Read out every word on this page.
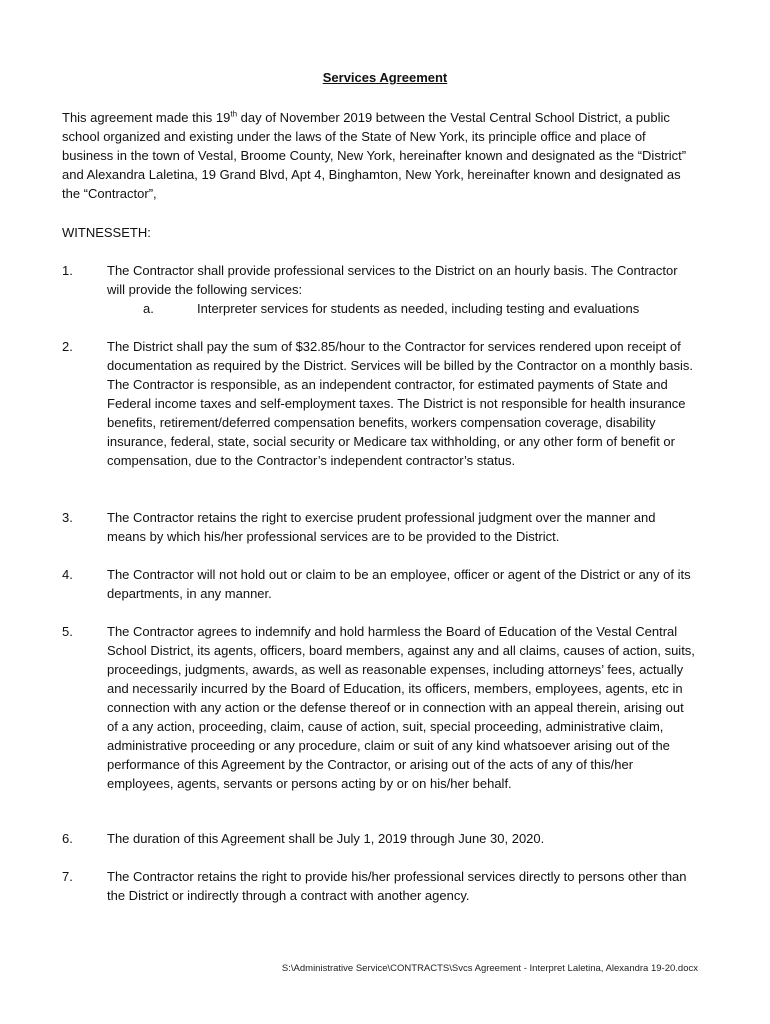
Services Agreement
This agreement made this 19th day of November 2019 between the Vestal Central School District, a public school organized and existing under the laws of the State of New York, its principle office and place of business in the town of Vestal, Broome County, New York, hereinafter known and designated as the “District” and Alexandra Laletina, 19 Grand Blvd, Apt 4, Binghamton, New York, hereinafter known and designated as the “Contractor”,
WITNESSETH:
1.	The Contractor shall provide professional services to the District on an hourly basis. The Contractor will provide the following services:
a.	Interpreter services for students as needed, including testing and evaluations
2.	The District shall pay the sum of $32.85/hour to the Contractor for services rendered upon receipt of documentation as required by the District. Services will be billed by the Contractor on a monthly basis. The Contractor is responsible, as an independent contractor, for estimated payments of State and Federal income taxes and self-employment taxes. The District is not responsible for health insurance benefits, retirement/deferred compensation benefits, workers compensation coverage, disability insurance, federal, state, social security or Medicare tax withholding, or any other form of benefit or compensation, due to the Contractor’s independent contractor’s status.
3.	The Contractor retains the right to exercise prudent professional judgment over the manner and means by which his/her professional services are to be provided to the District.
4.	The Contractor will not hold out or claim to be an employee, officer or agent of the District or any of its departments, in any manner.
5.	The Contractor agrees to indemnify and hold harmless the Board of Education of the Vestal Central School District, its agents, officers, board members, against any and all claims, causes of action, suits, proceedings, judgments, awards, as well as reasonable expenses, including attorneys’ fees, actually and necessarily incurred by the Board of Education, its officers, members, employees, agents, etc in connection with any action or the defense thereof or in connection with an appeal therein, arising out of a any action, proceeding, claim, cause of action, suit, special proceeding, administrative claim, administrative proceeding or any procedure, claim or suit of any kind whatsoever arising out of the performance of this Agreement by the Contractor, or arising out of the acts of any of this/her employees, agents, servants or persons acting by or on his/her behalf.
6.	The duration of this Agreement shall be July 1, 2019 through June 30, 2020.
7.	The Contractor retains the right to provide his/her professional services directly to persons other than the District or indirectly through a contract with another agency.
S:\Administrative Service\CONTRACTS\Svcs Agreement - Interpret Laletina, Alexandra 19-20.docx
